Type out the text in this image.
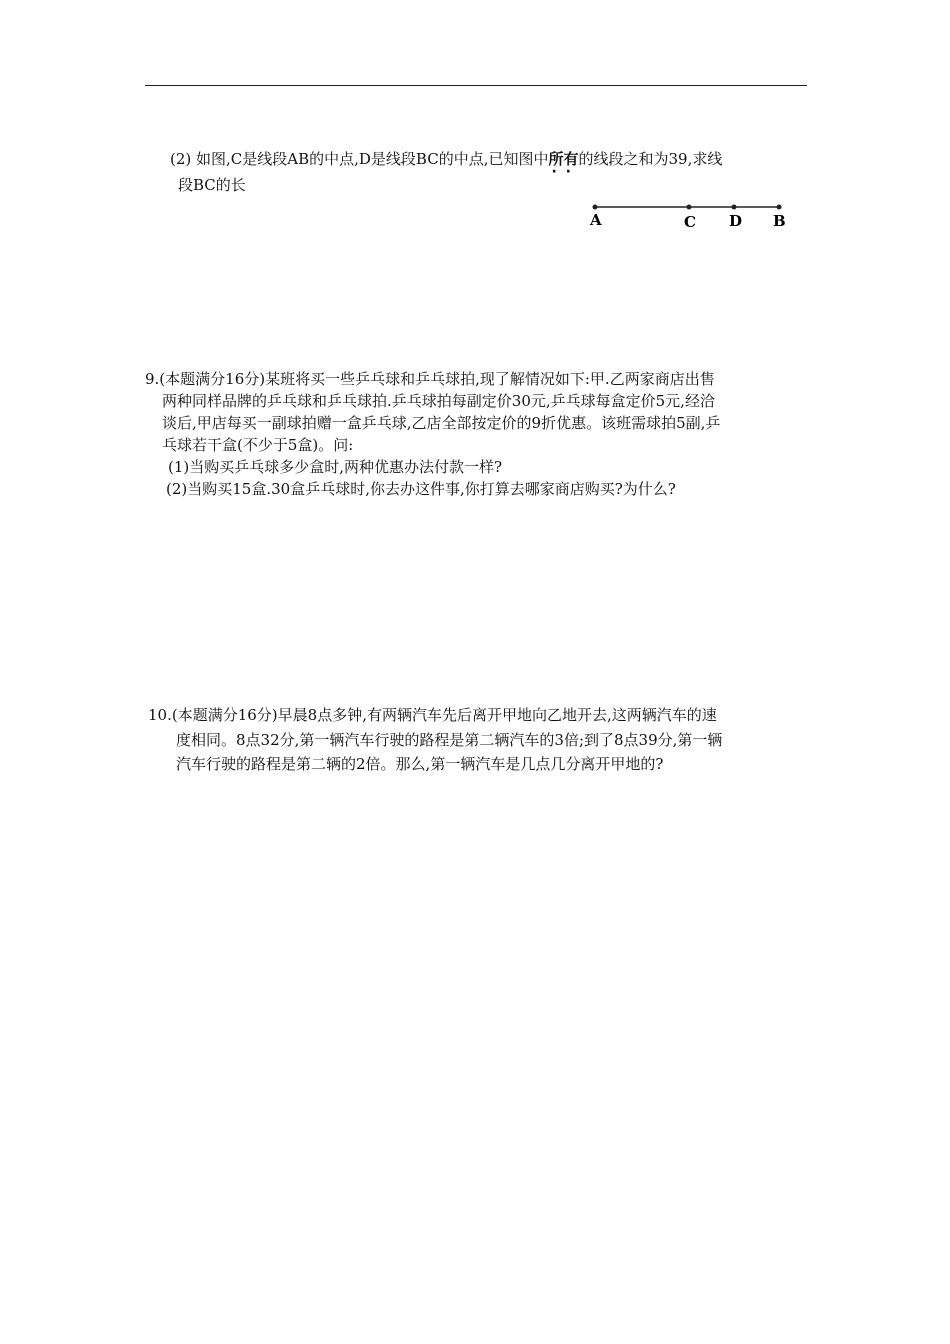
(2) 如图,C是线段AB的中点,D是线段BC的中点,已知图中所有 · ·的线段之和为39,求线
段BC的长
A	C D B
9.(本题满分16分)某班将买一些乒乓球和乒乓球拍,现了解情况如下:甲.乙两家商店出售
两种同样品牌的乒乓球和乒乓球拍.乒乓球拍每副定价30元,乒乓球每盒定价5元,经洽
谈后,甲店每买一副球拍赠一盒乒乓球,乙店全部按定价的9折优惠。该班需球拍5副,乒
乓球若干盒(不少于5盒)。问:
(1)当购买乒乓球多少盒时,两种优惠办法付款一样?
(2)当购买15盒.30盒乒乓球时,你去办这件事,你打算去哪家商店购买?为什么?
10.(本题满分16分)早晨8点多钟,有两辆汽车先后离开甲地向乙地开去,这两辆汽车的速
度相同。8点32分,第一辆汽车行驶的路程是第二辆汽车的3倍;到了8点39分,第一辆
汽车行驶的路程是第二辆的2倍。那么,第一辆汽车是几点几分离开甲地的?
